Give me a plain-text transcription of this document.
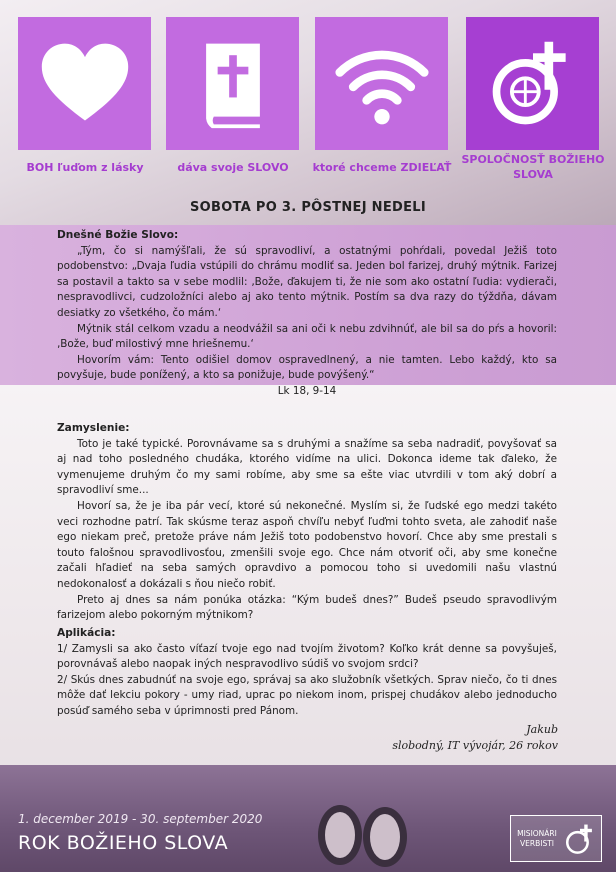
BOH ľuďom z lásky	dáva svoje SLOVO	ktoré chceme ZDIEĽAŤ
SPOLOČNOSŤ BOŽIEHO SLOVA
SOBOTA PO 3. PÔSTNEJ NEDELI
Dnešné Božie Slovo:

„Tým, čo si namýšľali, že sú spravodliví, a ostatnými pohŕdali, povedal Ježiš toto podobenstvo: „Dvaja ľudia vstúpili do chrámu modliť sa. Jeden bol farizej, druhý mýtnik. Farizej sa postavil a takto sa v sebe modlil: ‚Bože, ďakujem ti, že nie som ako ostatní ľudia: vydierači, nespravodlivci, cudzoložníci alebo aj ako tento mýtnik. Postím sa dva razy do týždňa, dávam desiatky zo všetkého, čo mám.‘

Mýtnik stál celkom vzadu a neodvážil sa ani oči k nebu zdvihnúť, ale bil sa do pŕs a hovoril: ‚Bože, buď milostivý mne hriešnemu.‘

Hovorím vám: Tento odišiel domov ospravedlnený, a nie tamten. Lebo každý, kto sa povyšuje, bude ponížený, a kto sa ponižuje, bude povýšený.“

Lk 18, 9-14
Zamyslenie:

Toto je také typické. Porovnávame sa s druhými a snažíme sa seba nadradiť, povyšovať sa aj nad toho posledného chudáka, ktorého vidíme na ulici. Dokonca ideme tak ďaleko, že vymenujeme druhým čo my sami robíme, aby sme sa ešte viac utvrdili v tom aký dobrí a spravodliví sme...

Hovorí sa, že je iba pár vecí, ktoré sú nekonečné. Myslím si, že ľudské ego medzi takéto veci rozhodne patrí. Tak skúsme teraz aspoň chvíľu nebyť ľuďmi tohto sveta, ale zahodiť naše ego niekam preč, pretože práve nám Ježiš toto podobenstvo hovorí. Chce aby sme prestali s touto falošnou spravodlivosťou, zmenšili svoje ego. Chce nám otvoriť oči, aby sme konečne začali hľadieť na seba samých opravdivo a pomocou toho si uvedomili našu vlastnú nedokonalosť a dokázali s ňou niečo robiť.

Preto aj dnes sa nám ponúka otázka: “Kým budeš dnes?” Budeš pseudo spravodlivým farizejom alebo pokorným mýtnikom?

Aplikácia:

1/ Zamysli sa ako často víťazí tvoje ego nad tvojím životom? Koľko krát denne sa povyšuješ, porovnávaš alebo naopak iných nespravodlivo súdiš vo svojom srdci?

2/ Skús dnes zabudnúť na svoje ego, správaj sa ako služobník všetkých. Sprav niečo, čo ti dnes môže dať lekciu pokory - umy riad, uprac po niekom inom, prispej chudákov alebo jednoducho posúď samého seba v úprimnosti pred Pánom.

Jakub
slobodný, IT vývojár, 26 rokov
1. december 2019 - 30. september 2020
ROK BOŽIEHO SLOVA	MISIONÁRI
VERBISTI
